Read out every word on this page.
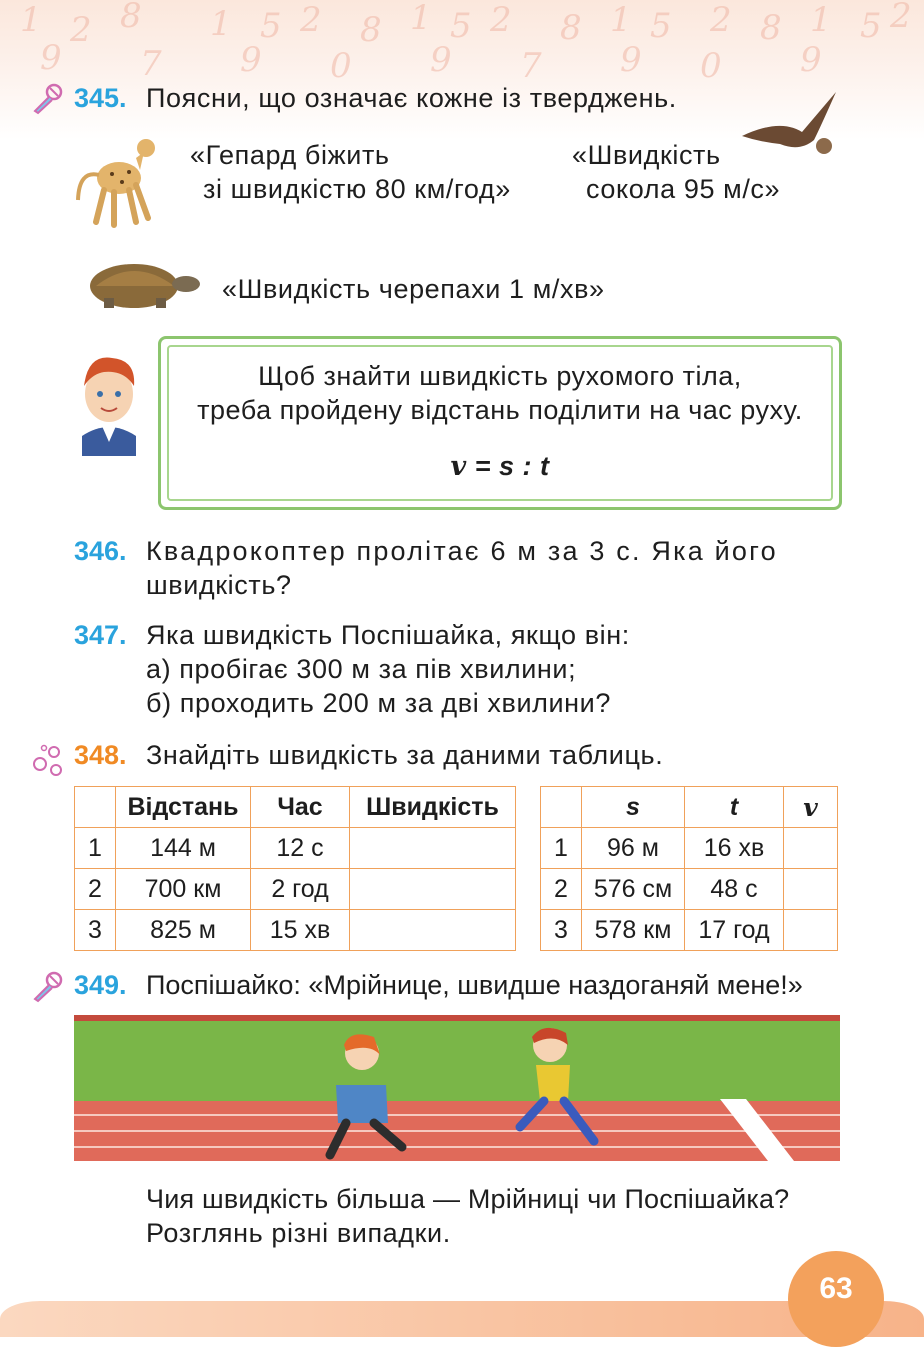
1 2 8 1 5 2 8 1 5 2 8 1 5 2 8 1 5 2
9 7 9 0 9 7 9 0 9
345. Поясни, що означає кожне із тверджень.
«Гепард біжить
зі швидкістю 80 км/год»
«Швидкість
сокола 95 м/с»
«Швидкість черепахи 1 м/хв»
Щоб знайти швидкість рухомого тіла,
треба пройдену відстань поділити на час руху.
v = s : t
346. Квадрокоптер пролітає 6 м за 3 с. Яка його
швидкість?
347. Яка швидкість Поспішайка, якщо він:
а) пробігає 300 м за пів хвилини;
б) проходить 200 м за дві хвилини?
348. Знайдіть швидкість за даними таблиць.
	Відстань	Час	Швидкість
1	144 м	12 с	
2	700 км	2 год	
3	825 м	15 хв	
	s	t	v
1	96 м	16 хв	
2	576 см	48 с	
3	578 км	17 год	
349. Поспішайко: «Мрійнице, швидше наздоганяй мене!»
Чия швидкість більша — Мрійниці чи Поспішайка?
Розглянь різні випадки.
63
